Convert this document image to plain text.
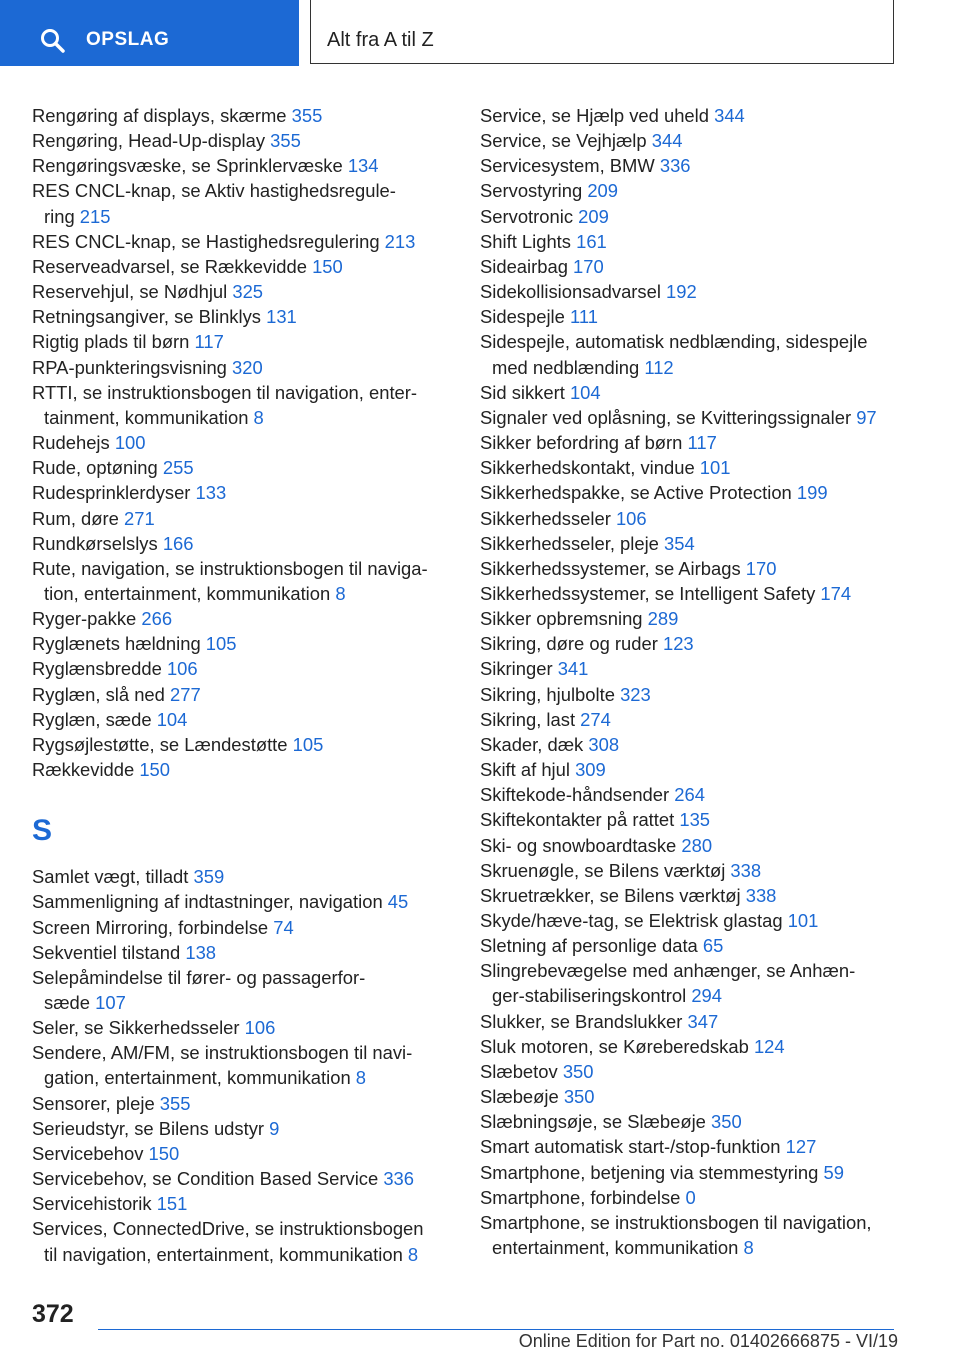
OPSLAG	Alt fra A til Z
Rengøring af displays, skærme 355
Rengøring, Head-Up-display 355
Rengøringsvæske, se Sprinklervæske 134
RES CNCL-knap, se Aktiv hastighedsregule-
ring 215
RES CNCL-knap, se Hastighedsregulering 213
Reserveadvarsel, se Rækkevidde 150
Reservehjul, se Nødhjul 325
Retningsangiver, se Blinklys 131
Rigtig plads til børn 117
RPA-punkteringsvisning 320
RTTI, se instruktionsbogen til navigation, enter-
tainment, kommunikation 8
Rudehejs 100
Rude, optøning 255
Rudesprinklerdyser 133
Rum, døre 271
Rundkørselslys 166
Rute, navigation, se instruktionsbogen til naviga-
tion, entertainment, kommunikation 8
Ryger-pakke 266
Ryglænets hældning 105
Ryglænsbredde 106
Ryglæn, slå ned 277
Ryglæn, sæde 104
Rygsøjlestøtte, se Lændestøtte 105
Rækkevidde 150
S
Samlet vægt, tilladt 359
Sammenligning af indtastninger, navigation 45
Screen Mirroring, forbindelse 74
Sekventiel tilstand 138
Selepåmindelse til fører- og passagerfor-
sæde 107
Seler, se Sikkerhedsseler 106
Sendere, AM/FM, se instruktionsbogen til navi-
gation, entertainment, kommunikation 8
Sensorer, pleje 355
Serieudstyr, se Bilens udstyr 9
Servicebehov 150
Servicebehov, se Condition Based Service 336
Servicehistorik 151
Services, ConnectedDrive, se instruktionsbogen
til navigation, entertainment, kommunikation 8
Service, se Hjælp ved uheld 344
Service, se Vejhjælp 344
Servicesystem, BMW 336
Servostyring 209
Servotronic 209
Shift Lights 161
Sideairbag 170
Sidekollisionsadvarsel 192
Sidespejle 111
Sidespejle, automatisk nedblænding, sidespejle
med nedblænding 112
Sid sikkert 104
Signaler ved oplåsning, se Kvitteringssignaler 97
Sikker befordring af børn 117
Sikkerhedskontakt, vindue 101
Sikkerhedspakke, se Active Protection 199
Sikkerhedsseler 106
Sikkerhedsseler, pleje 354
Sikkerhedssystemer, se Airbags 170
Sikkerhedssystemer, se Intelligent Safety 174
Sikker opbremsning 289
Sikring, døre og ruder 123
Sikringer 341
Sikring, hjulbolte 323
Sikring, last 274
Skader, dæk 308
Skift af hjul 309
Skiftekode-håndsender 264
Skiftekontakter på rattet 135
Ski- og snowboardtaske 280
Skruenøgle, se Bilens værktøj 338
Skruetrækker, se Bilens værktøj 338
Skyde/hæve-tag, se Elektrisk glastag 101
Sletning af personlige data 65
Slingrebevægelse med anhænger, se Anhæn-
ger-stabiliseringskontrol 294
Slukker, se Brandslukker 347
Sluk motoren, se Køreberedskab 124
Slæbetov 350
Slæbeøje 350
Slæbningsøje, se Slæbeøje 350
Smart automatisk start-/stop-funktion 127
Smartphone, betjening via stemmestyring 59
Smartphone, forbindelse 0
Smartphone, se instruktionsbogen til navigation,
entertainment, kommunikation 8
372
Online Edition for Part no. 01402666875 - VI/19
